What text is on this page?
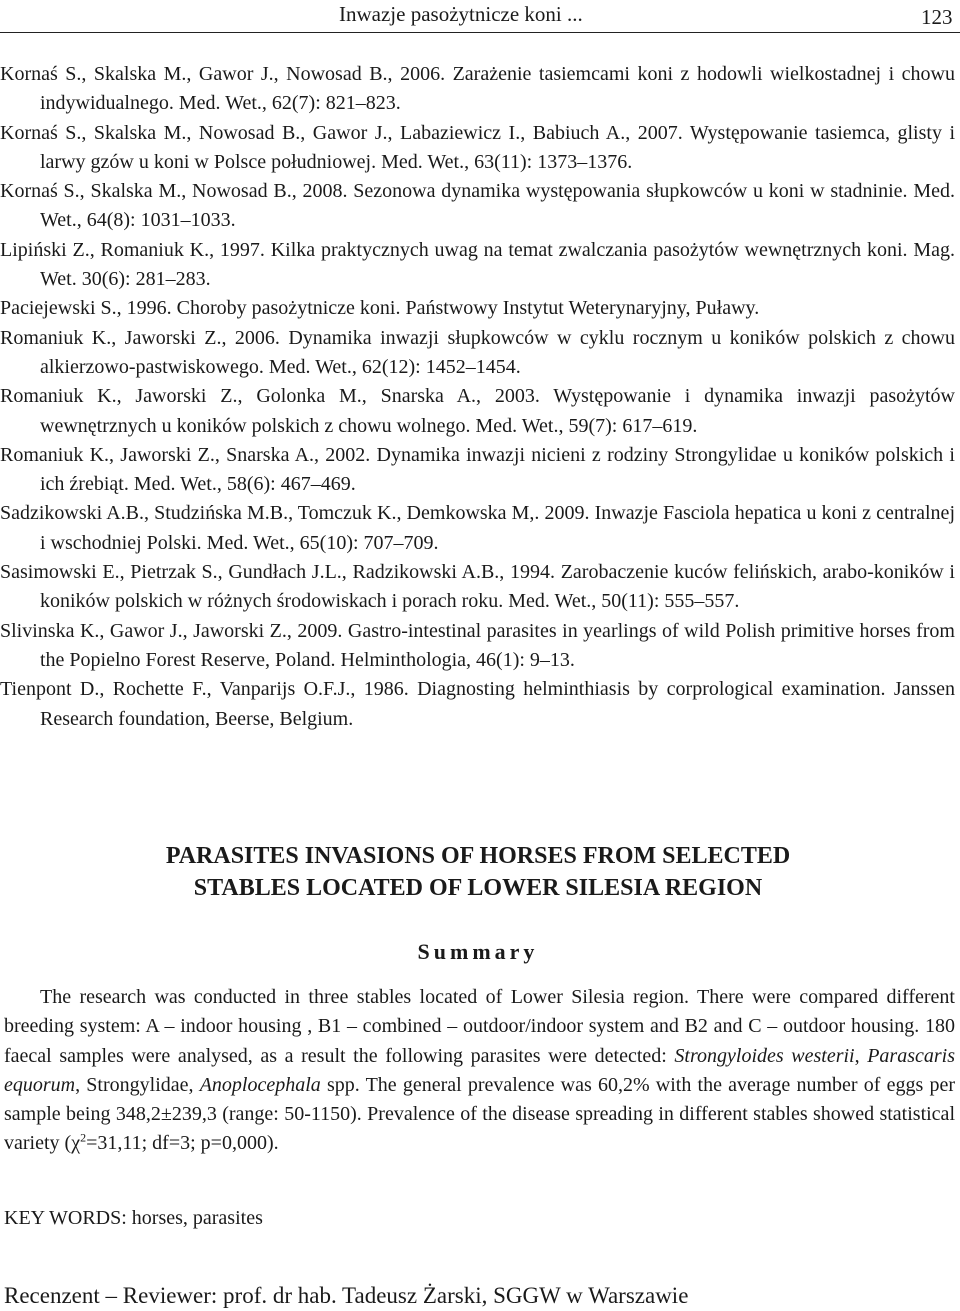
Inwazje pasożytnicze koni ...	123

Kornaś S., Skalska M., Gawor J., Nowosad B., 2006. Zarażenie tasiemcami koni z hodowli wielkostadnej i chowu indywidualnego. Med. Wet., 62(7): 821–823.

Kornaś S., Skalska M., Nowosad B., Gawor J., Labaziewicz I., Babiuch A., 2007. Występowanie tasiemca, glisty i larwy gzów u koni w Polsce południowej. Med. Wet., 63(11): 1373–1376.

Kornaś S., Skalska M., Nowosad B., 2008. Sezonowa dynamika występowania słupkowców u koni w stadninie. Med. Wet., 64(8): 1031–1033.

Lipiński Z., Romaniuk K., 1997. Kilka praktycznych uwag na temat zwalczania pasożytów wewnętrznych koni. Mag. Wet. 30(6): 281–283.

Paciejewski S., 1996. Choroby pasożytnicze koni. Państwowy Instytut Weterynaryjny, Puławy.

Romaniuk K., Jaworski Z., 2006. Dynamika inwazji słupkowców w cyklu rocznym u koników polskich z chowu alkierzowo-pastwiskowego. Med. Wet., 62(12): 1452–1454.

Romaniuk K., Jaworski Z., Golonka M., Snarska A., 2003. Występowanie i dynamika inwazji pasożytów wewnętrznych u koników polskich z chowu wolnego. Med. Wet., 59(7): 617–619.

Romaniuk K., Jaworski Z., Snarska A., 2002. Dynamika inwazji nicieni z rodziny Strongylidae u koników polskich i ich źrebiąt. Med. Wet., 58(6): 467–469.

Sadzikowski A.B., Studzińska M.B., Tomczuk K., Demkowska M,. 2009. Inwazje Fasciola hepatica u koni z centralnej i wschodniej Polski. Med. Wet., 65(10): 707–709.

Sasimowski E., Pietrzak S., Gundłach J.L., Radzikowski A.B., 1994. Zarobaczenie kuców felińskich, arabo-koników i koników polskich w różnych środowiskach i porach roku. Med. Wet., 50(11): 555–557.

Slivinska K., Gawor J., Jaworski Z., 2009. Gastro-intestinal parasites in yearlings of wild Polish primitive horses from the Popielno Forest Reserve, Poland. Helminthologia, 46(1): 9–13.

Tienpont D., Rochette F., Vanparijs O.F.J., 1986. Diagnosting helminthiasis by corprological examination. Janssen Research foundation, Beerse, Belgium.

PARASITES INVASIONS OF HORSES FROM SELECTED
STABLES LOCATED OF LOWER SILESIA REGION
Summary

The research was conducted in three stables located of Lower Silesia region. There were compared different breeding system: A – indoor housing , B1 – combined – outdoor/indoor system and B2 and C – outdoor housing. 180 faecal samples were analysed, as a result the following parasites were detected: Strongyloides westerii, Parascaris equorum, Strongylidae, Anoplocephala spp. The general prevalence was 60,2% with the average number of eggs per sample being 348,2±239,3 (range: 50-1150). Prevalence of the disease spreading in different stables showed statistical variety ($\chi^2=31,11$; df=3; p=0,000).

KEY WORDS: horses, parasites

Recenzent – Reviewer: prof. dr hab. Tadeusz Żarski, SGGW w Warszawie
